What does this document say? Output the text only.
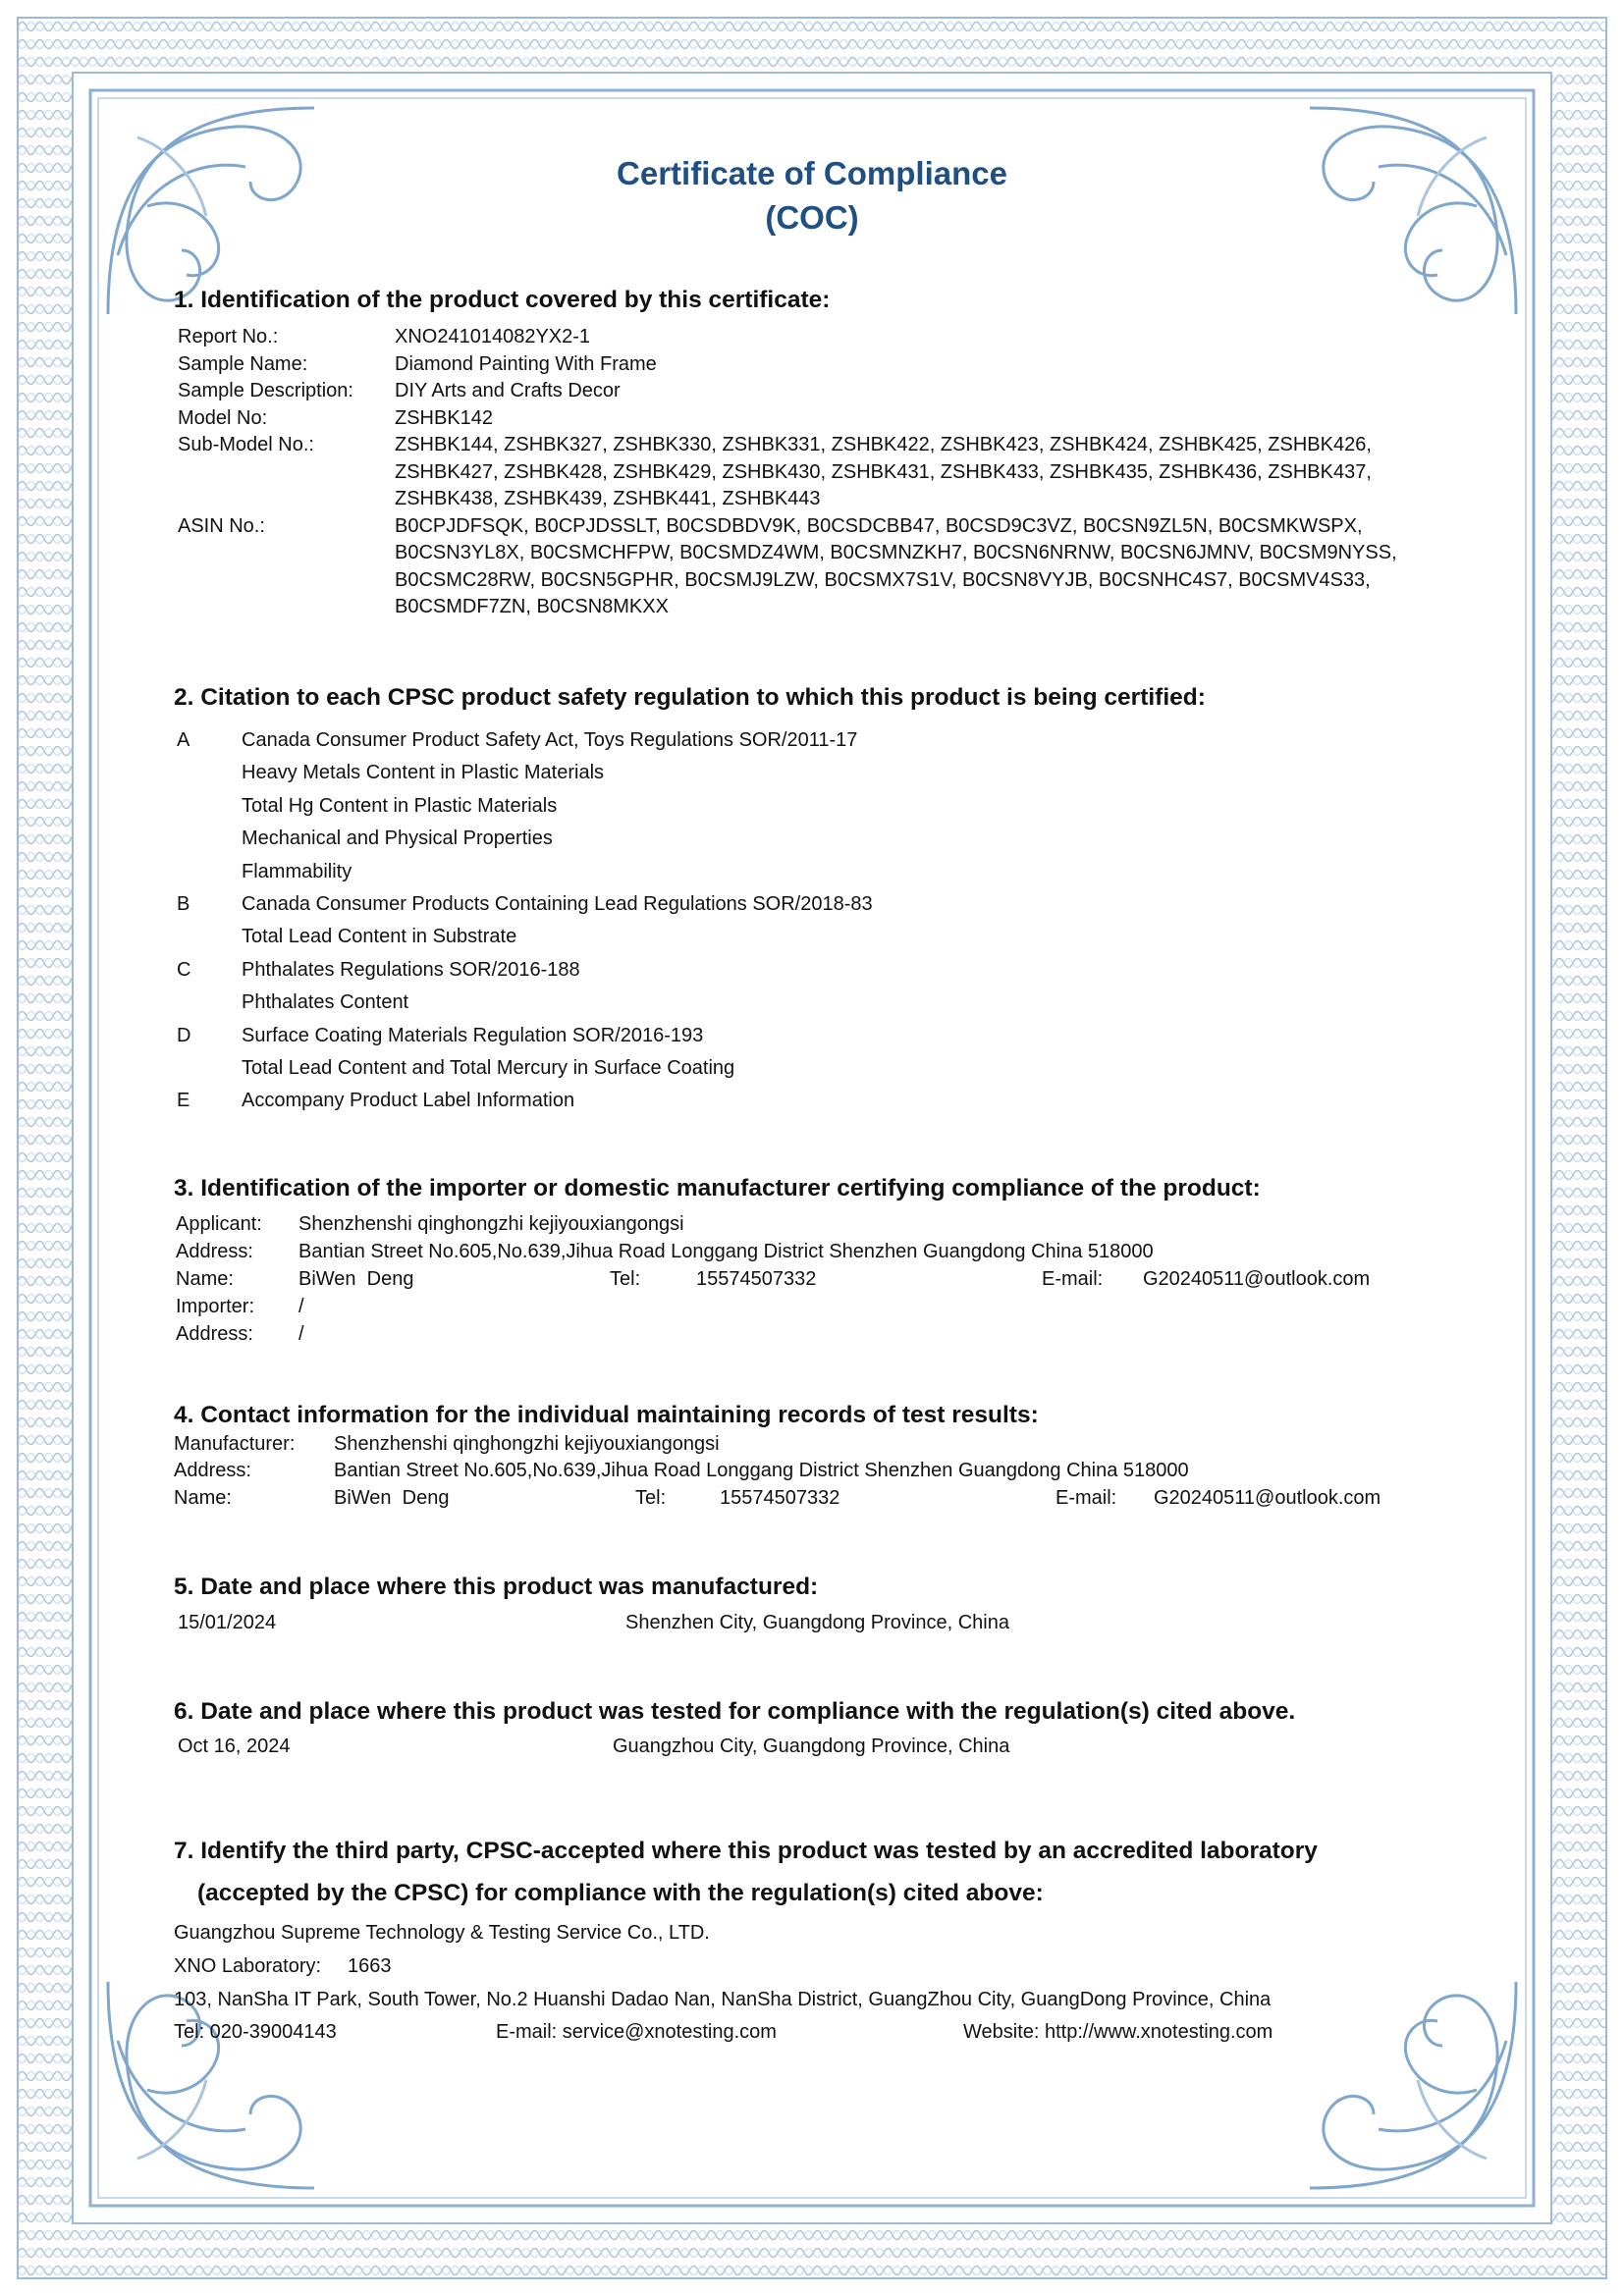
Certificate of Compliance
(COC)
1. Identification of the product covered by this certificate:
Report No.:	XNO241014082YX2-1
Sample Name:	Diamond Painting With Frame
Sample Description:	DIY Arts and Crafts Decor
Model No:	ZSHBK142
Sub-Model No.:	ZSHBK144, ZSHBK327, ZSHBK330, ZSHBK331, ZSHBK422, ZSHBK423, ZSHBK424, ZSHBK425, ZSHBK426,
ZSHBK427, ZSHBK428, ZSHBK429, ZSHBK430, ZSHBK431, ZSHBK433, ZSHBK435, ZSHBK436, ZSHBK437,
ZSHBK438, ZSHBK439, ZSHBK441, ZSHBK443
ASIN No.:	B0CPJDFSQK, B0CPJDSSLT, B0CSDBDV9K, B0CSDCBB47, B0CSD9C3VZ, B0CSN9ZL5N, B0CSMKWSPX,
B0CSN3YL8X, B0CSMCHFPW, B0CSMDZ4WM, B0CSMNZKH7, B0CSN6NRNW, B0CSN6JMNV, B0CSM9NYSS,
B0CSMC28RW, B0CSN5GPHR, B0CSMJ9LZW, B0CSMX7S1V, B0CSN8VYJB, B0CSNHC4S7, B0CSMV4S33,
B0CSMDF7ZN, B0CSN8MKXX
2. Citation to each CPSC product safety regulation to which this product is being certified:
A	Canada Consumer Product Safety Act, Toys Regulations SOR/2011-17
Heavy Metals Content in Plastic Materials
Total Hg Content in Plastic Materials
Mechanical and Physical Properties
Flammability
B	Canada Consumer Products Containing Lead Regulations SOR/2018-83
Total Lead Content in Substrate
C	Phthalates Regulations SOR/2016-188
Phthalates Content
D	Surface Coating Materials Regulation SOR/2016-193
Total Lead Content and Total Mercury in Surface Coating
E	Accompany Product Label Information
3. Identification of the importer or domestic manufacturer certifying compliance of the product:
Applicant: Shenzhenshi qinghongzhi kejiyouxiangongsi
Address: Bantian Street No.605,No.639,Jihua Road Longgang District Shenzhen Guangdong China 518000
Name:	BiWen  Deng	Tel:	15574507332	E-mail: G20240511@outlook.com
Importer: /
Address: /
4. Contact information for the individual maintaining records of test results:
Manufacturer: Shenzhenshi qinghongzhi kejiyouxiangongsi
Address:	Bantian Street No.605,No.639,Jihua Road Longgang District Shenzhen Guangdong China 518000
Name:	BiWen  Deng	Tel:	15574507332	E-mail: G20240511@outlook.com
5. Date and place where this product was manufactured:
15/01/2024	Shenzhen City, Guangdong Province, China
6. Date and place where this product was tested for compliance with the regulation(s) cited above.
Oct 16, 2024	Guangzhou City, Guangdong Province, China
7. Identify the third party, CPSC-accepted where this product was tested by an accredited laboratory
(accepted by the CPSC) for compliance with the regulation(s) cited above:
Guangzhou Supreme Technology & Testing Service Co., LTD.
XNO Laboratory: 1663
103, NanSha IT Park, South Tower, No.2 Huanshi Dadao Nan, NanSha District, GuangZhou City, GuangDong Province, China
Tel: 020-39004143	E-mail: service@xnotesting.com	Website: http://www.xnotesting.com
